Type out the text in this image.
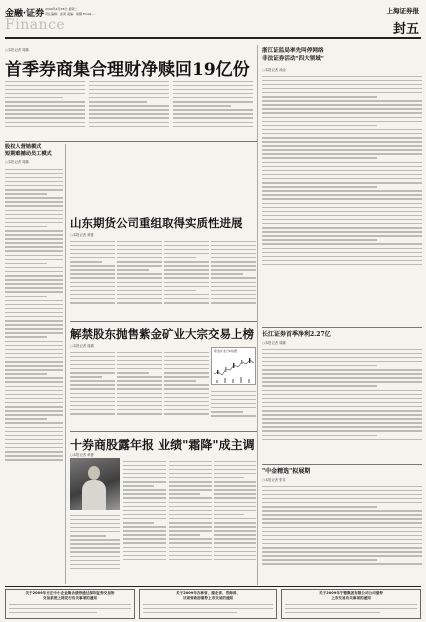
金融·证券 2009年4月28日 星期二
责任编辑：孙鸿 美编：胡娜 Email:...
Finance
上海证券报
封五
○本报记者 周鹏
首季券商集合理财净赎回19亿份
浙江证监局率先叫停网络
非法证券活动"四大领域"
○本报记者 汤淦
长江证券首季净利2.27亿
○本报记者 周鹏
"中金精选"拟展期
○本报记者 张雪
股权人营销模式
短期难撼动员工模式
○本报记者 周鹏
山东期货公司重组取得实质性进展
○本报记者 黄蕾
解禁股东抛售紫金矿业大宗交易上榜
○本报记者 周鹏
紫金矿业日K线图
十券商股露年报 业绩"霜降"成主调
○本报记者 黄蕾
关于2009年方正中小企业集合债券通过深圳证券交易所
交易系统上网发行有关事项的通知
关于2009年吉林省、湖北省、青海省、
甘肃省政府债券上市交易的通知
关于2009年宁德集团有限公司公司债券
上市交易有关事项的通知
